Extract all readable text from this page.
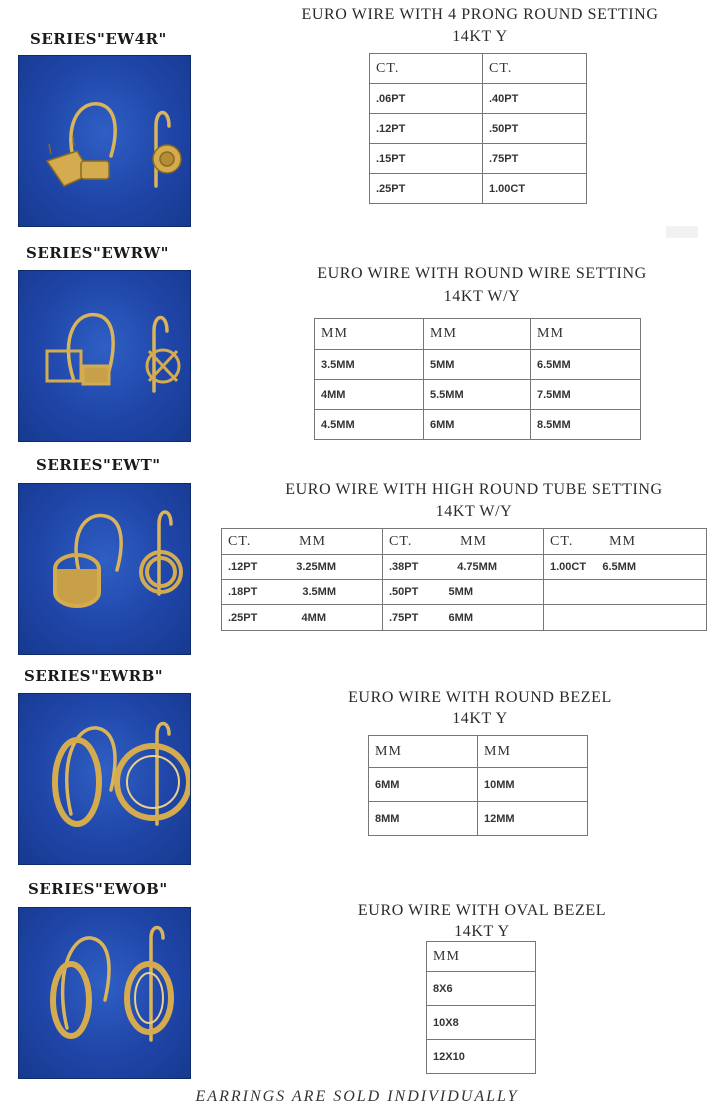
SERIES"EW4R"
EURO WIRE WITH 4 PRONG ROUND SETTING
14KT Y
CT.	CT.
.06PT	.40PT
.12PT	.50PT
.15PT	.75PT
.25PT	1.00CT
SERIES"EWRW"
EURO WIRE WITH ROUND WIRE SETTING
14KT W/Y
MM	MM	MM
3.5MM	5MM	6.5MM
4MM	5.5MM	7.5MM
4.5MM	6MM	8.5MM
SERIES"EWT"
EURO WIRE WITH HIGH ROUND TUBE SETTING
14KT W/Y
CT. MM	CT. MM	CT. MM

.12PT 3.25MM	.38PT 4.75MM	1.00CT 6.5MM

.18PT 3.5MM	.50PT 5MM	

.25PT 4MM	.75PT 6MM	

SERIES"EWRB"
EURO WIRE WITH ROUND BEZEL
14KT Y
MM	MM
6MM	10MM
8MM	12MM
SERIES"EWOB"
EURO WIRE WITH OVAL BEZEL
14KT Y
MM
8X6
10X8
12X10
EARRINGS ARE SOLD INDIVIDUALLY
